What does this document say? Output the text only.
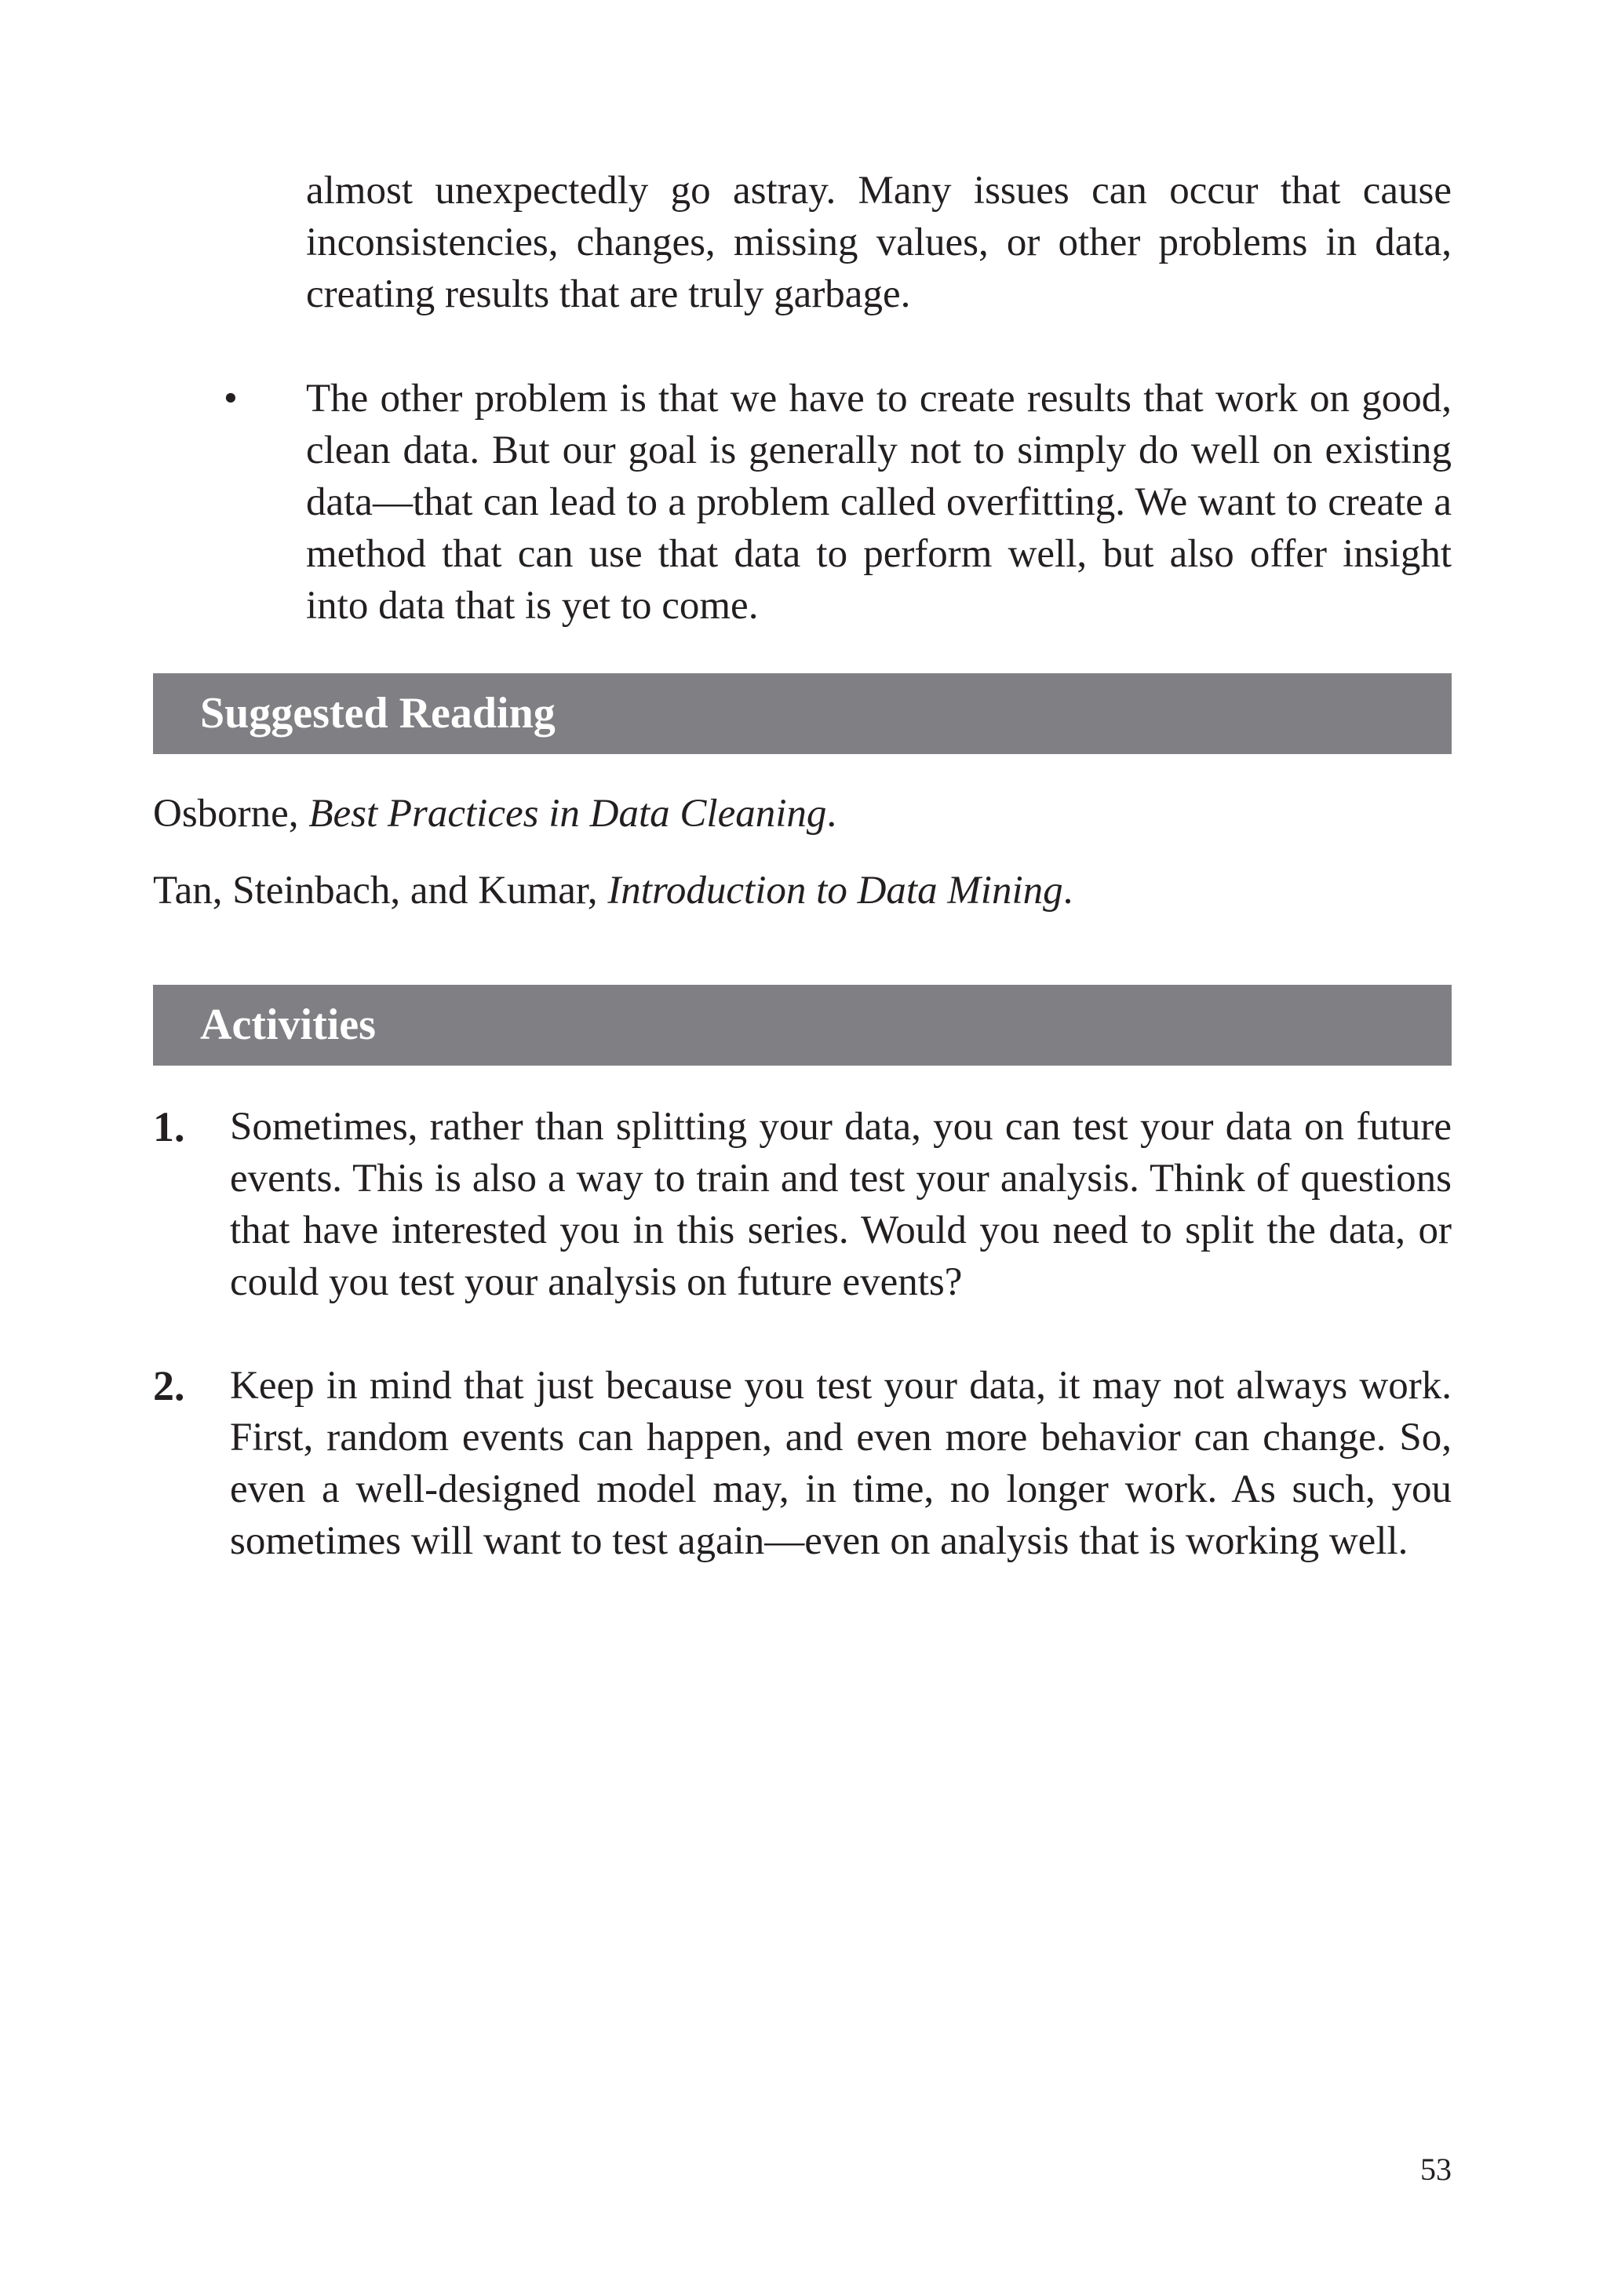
almost unexpectedly go astray. Many issues can occur that cause inconsistencies, changes, missing values, or other problems in data, creating results that are truly garbage.

•	The other problem is that we have to create results that work on good, clean data. But our goal is generally not to simply do well on existing data—that can lead to a problem called overfitting. We want to create a method that can use that data to perform well, but also offer insight into data that is yet to come.

Suggested Reading

Osborne, Best Practices in Data Cleaning.

Tan, Steinbach, and Kumar, Introduction to Data Mining.

Activities
1. Sometimes, rather than splitting your data, you can test your data on future events. This is also a way to train and test your analysis. Think of questions that have interested you in this series. Would you need to split the data, or could you test your analysis on future events?

2. Keep in mind that just because you test your data, it may not always work. First, random events can happen, and even more behavior can change. So, even a well-designed model may, in time, no longer work. As such, you sometimes will want to test again—even on analysis that is working well.

53
